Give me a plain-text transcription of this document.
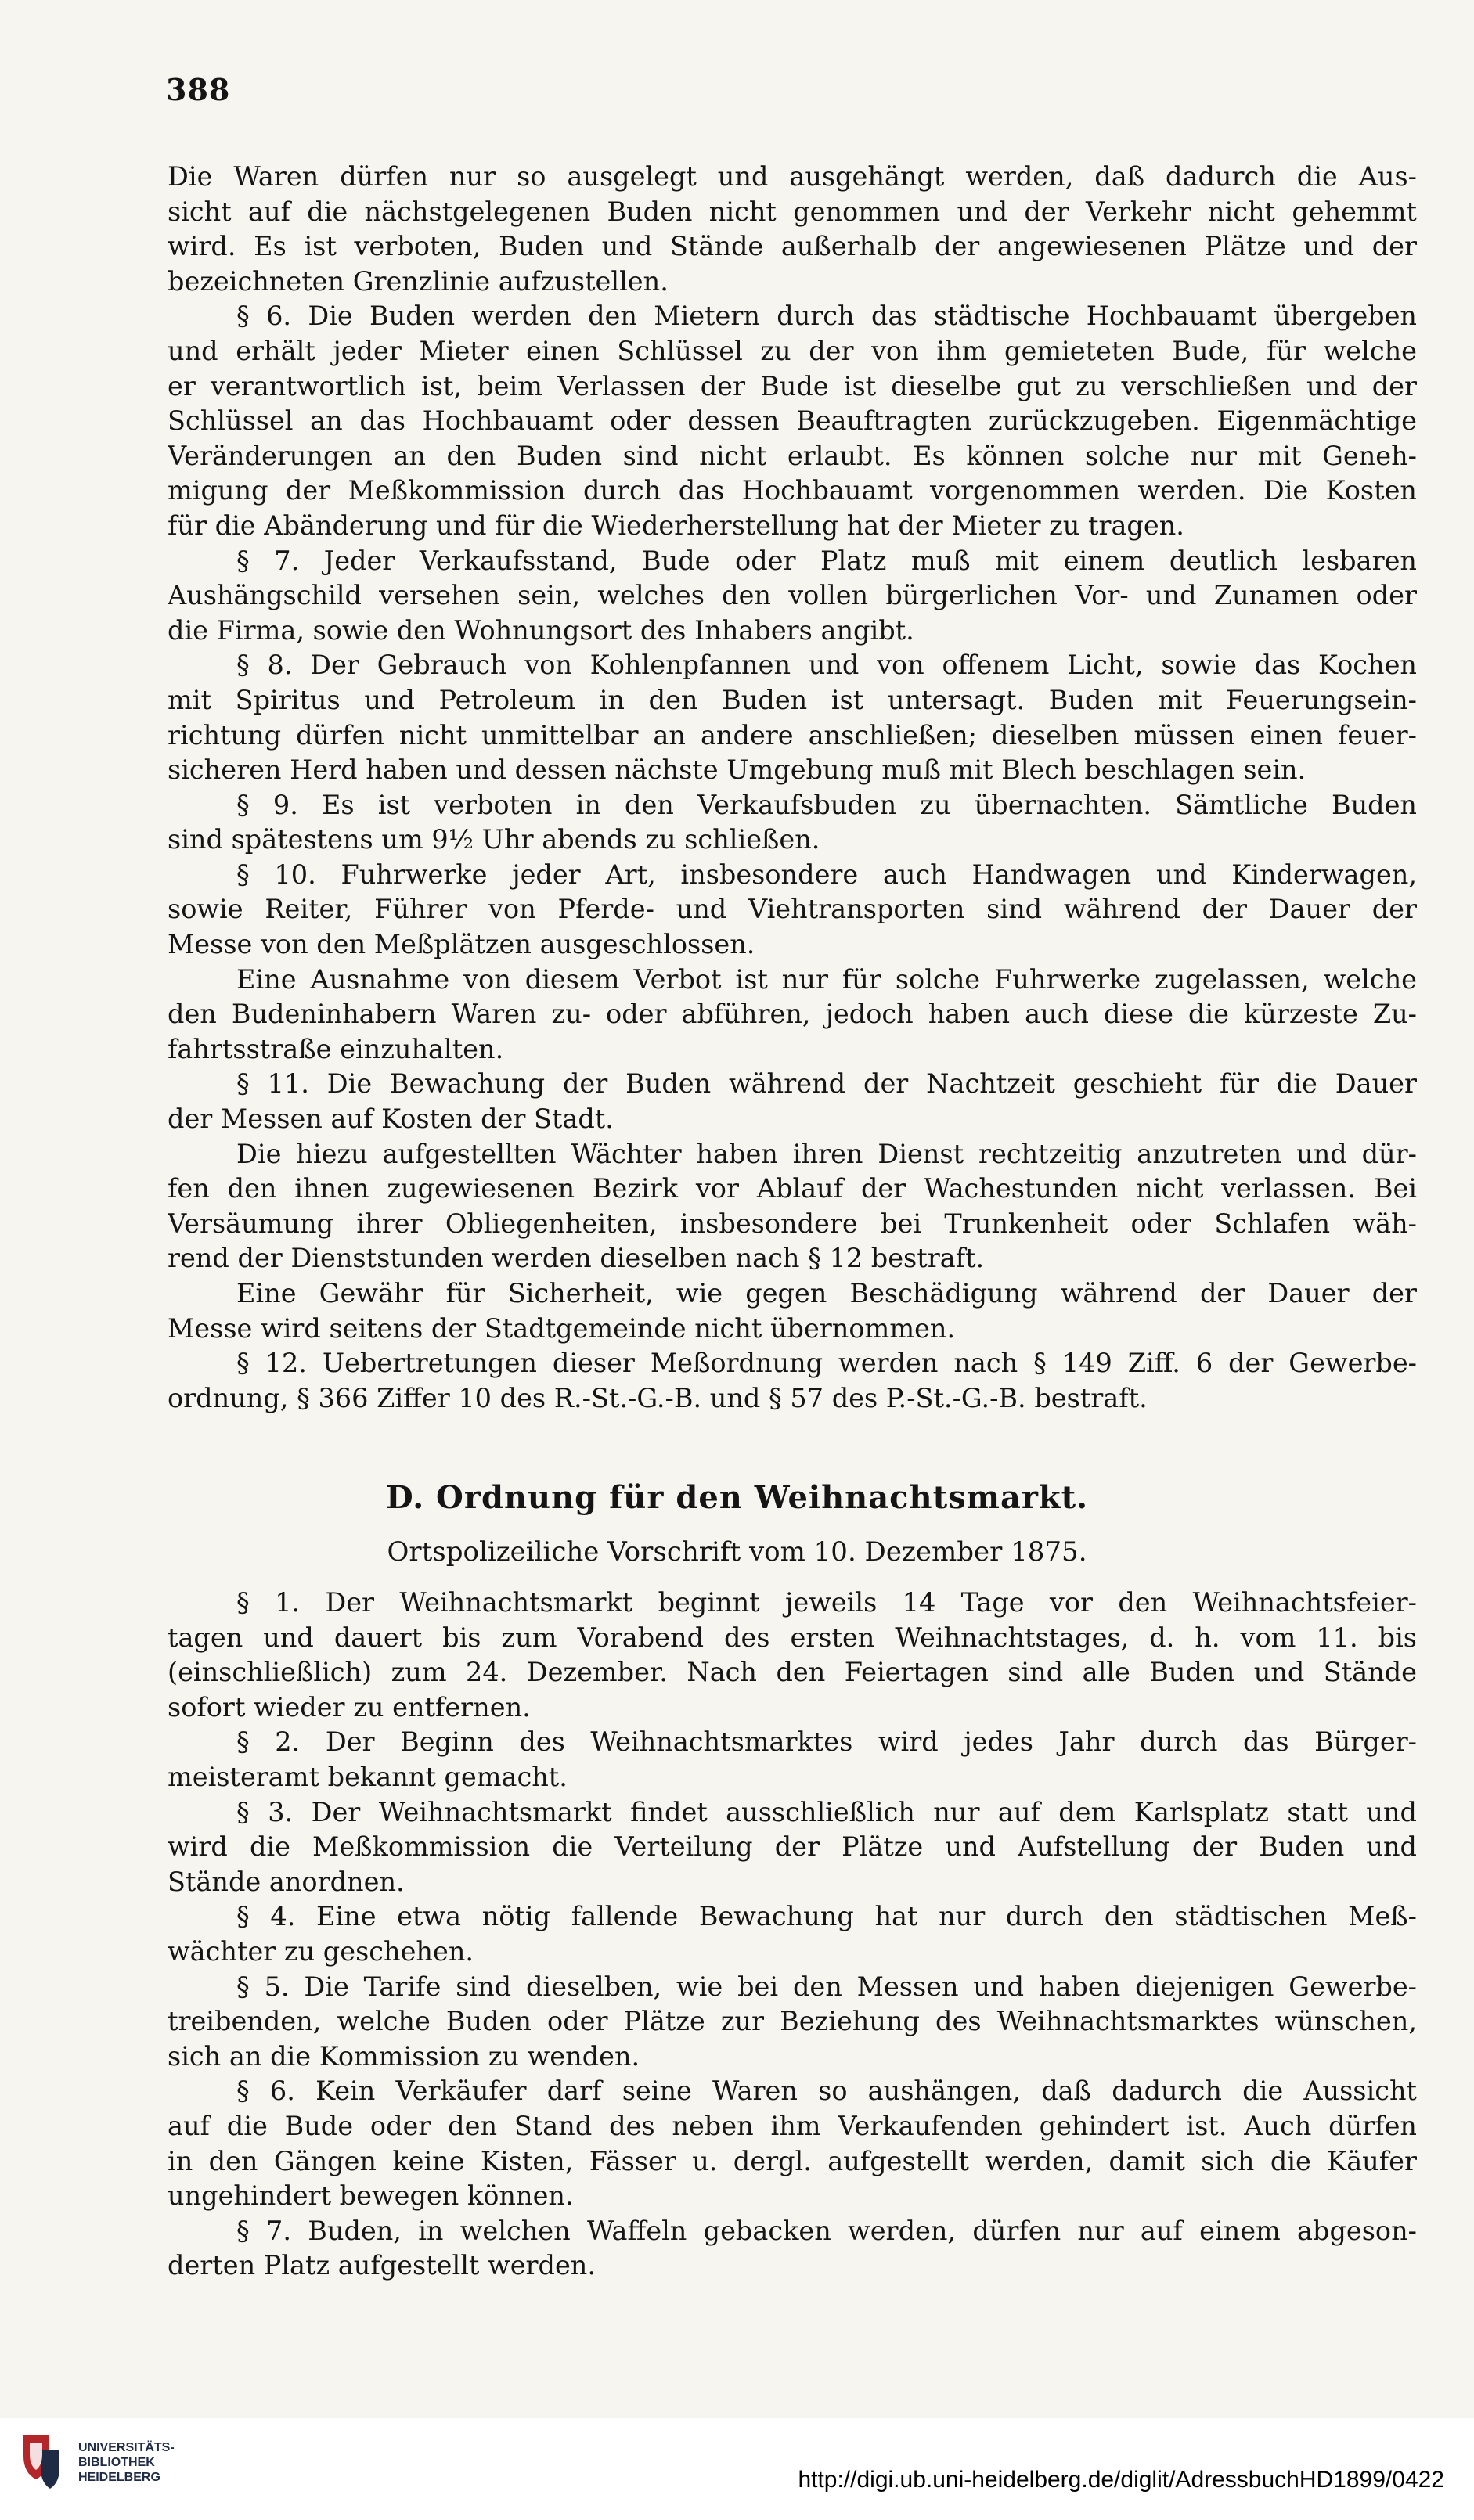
388
Die Waren dürfen nur so ausgelegt und ausgehängt werden, daß dadurch die Aus-
sicht auf die nächstgelegenen Buden nicht genommen und der Verkehr nicht gehemmt
wird. Es ist verboten, Buden und Stände außerhalb der angewiesenen Plätze und der
bezeichneten Grenzlinie aufzustellen.
§ 6. Die Buden werden den Mietern durch das städtische Hochbauamt übergeben
und erhält jeder Mieter einen Schlüssel zu der von ihm gemieteten Bude, für welche
er verantwortlich ist, beim Verlassen der Bude ist dieselbe gut zu verschließen und der
Schlüssel an das Hochbauamt oder dessen Beauftragten zurückzugeben. Eigenmächtige
Veränderungen an den Buden sind nicht erlaubt. Es können solche nur mit Geneh-
migung der Meßkommission durch das Hochbauamt vorgenommen werden. Die Kosten
für die Abänderung und für die Wiederherstellung hat der Mieter zu tragen.
§ 7. Jeder Verkaufsstand, Bude oder Platz muß mit einem deutlich lesbaren
Aushängschild versehen sein, welches den vollen bürgerlichen Vor- und Zunamen oder
die Firma, sowie den Wohnungsort des Inhabers angibt.
§ 8. Der Gebrauch von Kohlenpfannen und von offenem Licht, sowie das Kochen
mit Spiritus und Petroleum in den Buden ist untersagt. Buden mit Feuerungsein-
richtung dürfen nicht unmittelbar an andere anschließen; dieselben müssen einen feuer-
sicheren Herd haben und dessen nächste Umgebung muß mit Blech beschlagen sein.
§ 9. Es ist verboten in den Verkaufsbuden zu übernachten. Sämtliche Buden
sind spätestens um 9½ Uhr abends zu schließen.
§ 10. Fuhrwerke jeder Art, insbesondere auch Handwagen und Kinderwagen,
sowie Reiter, Führer von Pferde- und Viehtransporten sind während der Dauer der
Messe von den Meßplätzen ausgeschlossen.
Eine Ausnahme von diesem Verbot ist nur für solche Fuhrwerke zugelassen, welche
den Budeninhabern Waren zu- oder abführen, jedoch haben auch diese die kürzeste Zu-
fahrtsstraße einzuhalten.
§ 11. Die Bewachung der Buden während der Nachtzeit geschieht für die Dauer
der Messen auf Kosten der Stadt.
Die hiezu aufgestellten Wächter haben ihren Dienst rechtzeitig anzutreten und dür-
fen den ihnen zugewiesenen Bezirk vor Ablauf der Wachestunden nicht verlassen. Bei
Versäumung ihrer Obliegenheiten, insbesondere bei Trunkenheit oder Schlafen wäh-
rend der Dienststunden werden dieselben nach § 12 bestraft.
Eine Gewähr für Sicherheit, wie gegen Beschädigung während der Dauer der
Messe wird seitens der Stadtgemeinde nicht übernommen.
§ 12. Uebertretungen dieser Meßordnung werden nach § 149 Ziff. 6 der Gewerbe-
ordnung, § 366 Ziffer 10 des R.-St.-G.-B. und § 57 des P.-St.-G.-B. bestraft.
D. Ordnung für den Weihnachtsmarkt.
Ortspolizeiliche Vorschrift vom 10. Dezember 1875.
§ 1. Der Weihnachtsmarkt beginnt jeweils 14 Tage vor den Weihnachtsfeier-
tagen und dauert bis zum Vorabend des ersten Weihnachtstages, d. h. vom 11. bis
(einschließlich) zum 24. Dezember. Nach den Feiertagen sind alle Buden und Stände
sofort wieder zu entfernen.
§ 2. Der Beginn des Weihnachtsmarktes wird jedes Jahr durch das Bürger-
meisteramt bekannt gemacht.
§ 3. Der Weihnachtsmarkt findet ausschließlich nur auf dem Karlsplatz statt und
wird die Meßkommission die Verteilung der Plätze und Aufstellung der Buden und
Stände anordnen.
§ 4. Eine etwa nötig fallende Bewachung hat nur durch den städtischen Meß-
wächter zu geschehen.
§ 5. Die Tarife sind dieselben, wie bei den Messen und haben diejenigen Gewerbe-
treibenden, welche Buden oder Plätze zur Beziehung des Weihnachtsmarktes wünschen,
sich an die Kommission zu wenden.
§ 6. Kein Verkäufer darf seine Waren so aushängen, daß dadurch die Aussicht
auf die Bude oder den Stand des neben ihm Verkaufenden gehindert ist. Auch dürfen
in den Gängen keine Kisten, Fässer u. dergl. aufgestellt werden, damit sich die Käufer
ungehindert bewegen können.
§ 7. Buden, in welchen Waffeln gebacken werden, dürfen nur auf einem abgeson-
derten Platz aufgestellt werden.
UNIVERSITÄTS-
BIBLIOTHEK
HEIDELBERG	http://digi.ub.uni-heidelberg.de/diglit/AdressbuchHD1899/0422
